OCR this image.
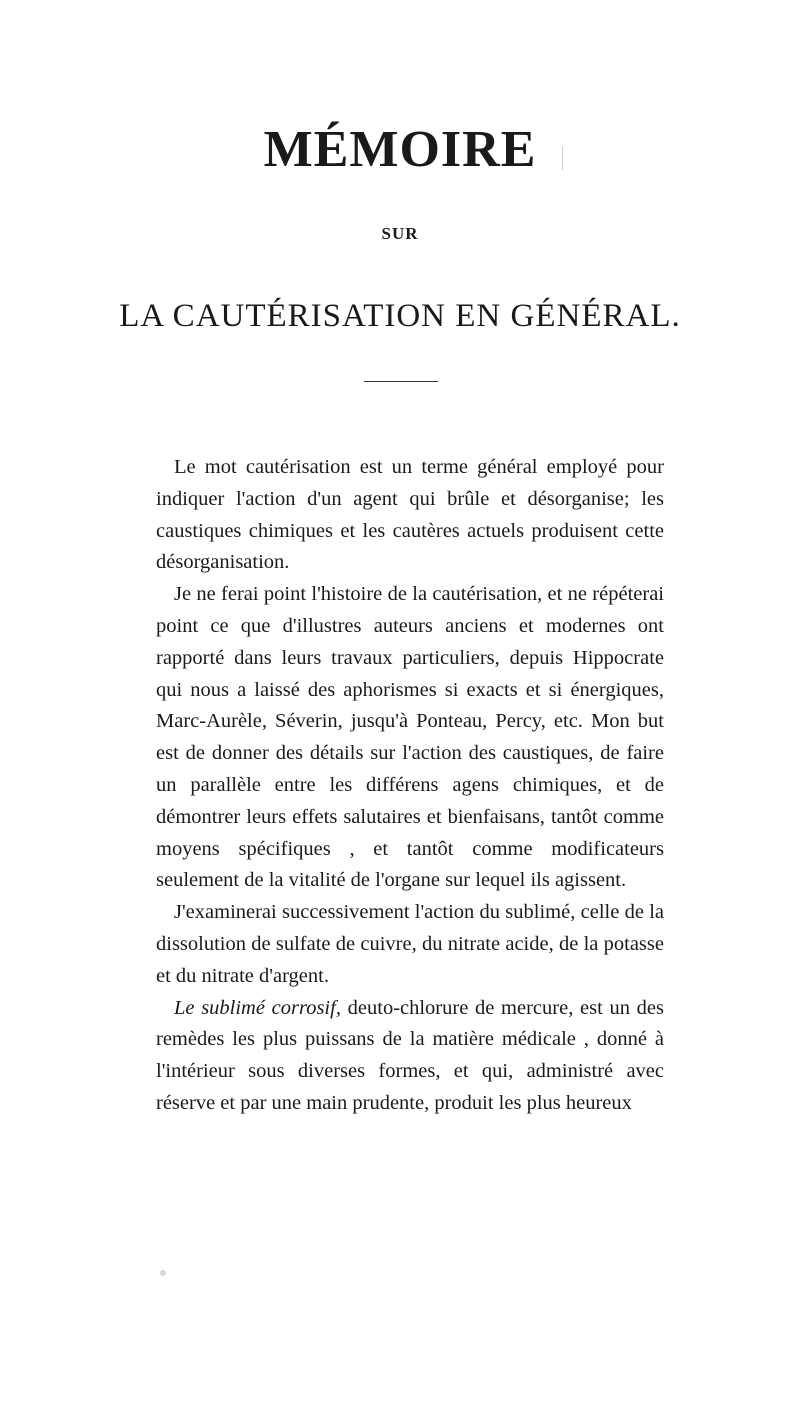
MÉMOIRE
SUR
LA CAUTÉRISATION EN GÉNÉRAL.

Le mot cautérisation est un terme général employé pour indiquer l'action d'un agent qui brûle et désorganise; les caustiques chimiques et les cautères actuels produisent cette désorganisation.

Je ne ferai point l'histoire de la cautérisation, et ne répéterai point ce que d'illustres auteurs anciens et modernes ont rapporté dans leurs travaux particuliers, depuis Hippocrate qui nous a laissé des aphorismes si exacts et si énergiques, Marc-Aurèle, Séverin, jusqu'à Ponteau, Percy, etc. Mon but est de donner des détails sur l'action des caustiques, de faire un parallèle entre les différens agens chimiques, et de démontrer leurs effets salutaires et bienfaisans, tantôt comme moyens spécifiques , et tantôt comme modificateurs seulement de la vitalité de l'organe sur lequel ils agissent.

J'examinerai successivement l'action du sublimé, celle de la dissolution de sulfate de cuivre, du nitrate acide, de la potasse et du nitrate d'argent.

Le sublimé corrosif, deuto-chlorure de mercure, est un des remèdes les plus puissans de la matière médicale , donné à l'intérieur sous diverses formes, et qui, administré avec réserve et par une main prudente, produit les plus heureux
